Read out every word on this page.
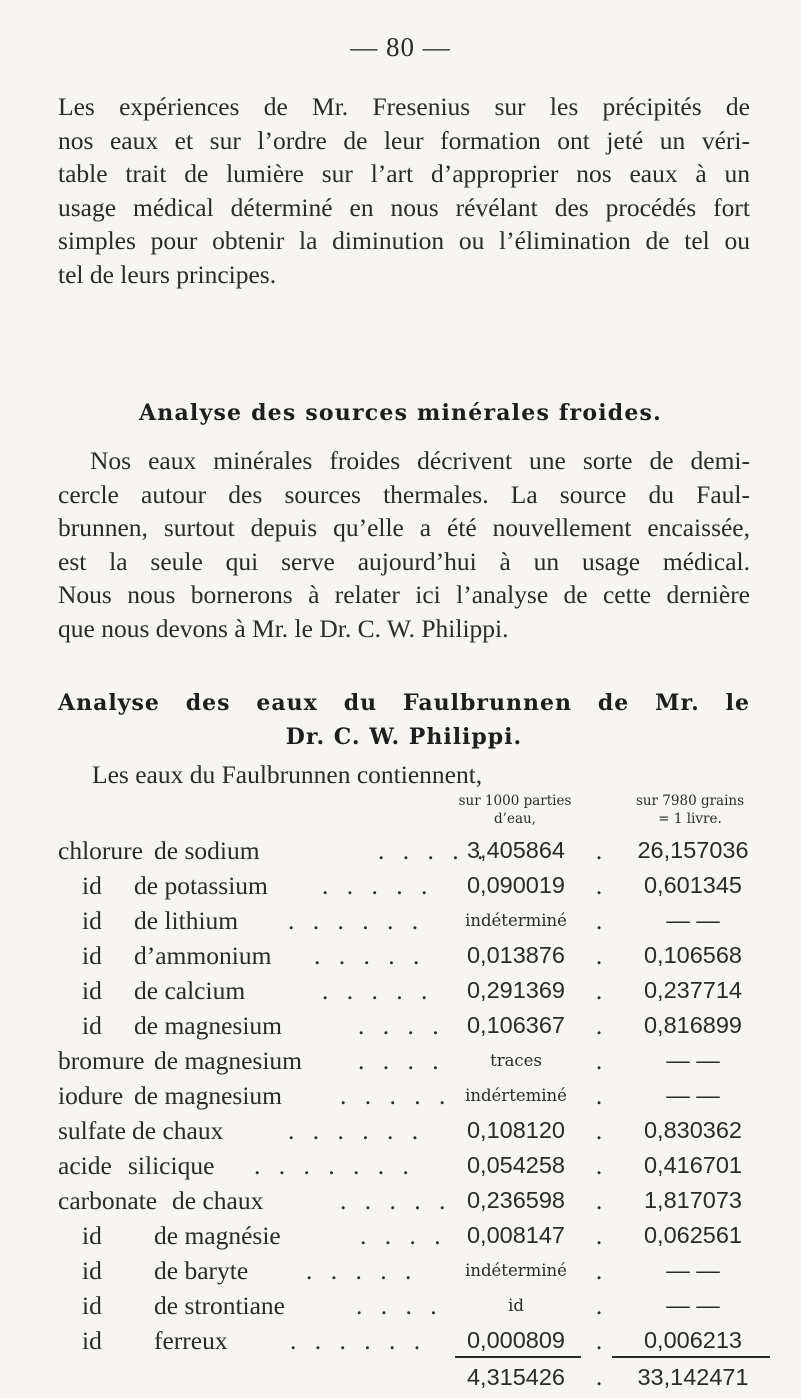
— 80 —

Les expériences de Mr. Fresenius sur les précipités de
nos eaux et sur l’ordre de leur formation ont jeté un véri-
table trait de lumière sur l’art d’approprier nos eaux à un
usage médical déterminé en nous révélant des procédés fort
simples pour obtenir la diminution ou l’élimination de tel ou
tel de leurs principes.

Analyse des sources minérales froides.

Nos eaux minérales froides décrivent une sorte de demi-
cercle autour des sources thermales. La source du Faul-
brunnen, surtout depuis qu’elle a été nouvellement encaissée,
est la seule qui serve aujourd’hui à un usage médical.
Nous nous bornerons à relater ici l’analyse de cette dernière
que nous devons à Mr. le Dr. C. W. Philippi.

Analyse des eaux du Faulbrunnen de Mr. le
Dr. C. W. Philippi.
Les eaux du Faulbrunnen contiennent,
sur 1000 parties
d’eau,
sur 7980 grains
= 1 livre.
chlorure de sodium	. . . . .
3,405864	.	26,157036
id de potassium . . . . .	0,090019	.	0,601345
id de lithium . . . . . .	indéterminé	.	— —
id d’ammonium . . . . .	0,013876	.	0,106568
id de calcium	. . . . .	0,291369	.	0,237714
id de magnesium	. . . . 0,106367	.	0,816899
bromure de magnesium . . . .	traces	.	— —
iodure de magnesium . . . . . indérteminé	.	— —
sulfate de chaux	. . . . . .	0,108120	.	0,830362
acide silicique . . . . . . .	0,054258	.	0,416701
carbonate de chaux	. . . . . 0,236598	.	1,817073
id de magnésie	. . . . 0,008147	.	0,062561
id de baryte . . . . .	indéterminé	.	— —
id de strontiane	. . . .	id	.	— —
id ferreux . . . . . .	0,000809	.	0,006213
4,315426	.	33,142471
